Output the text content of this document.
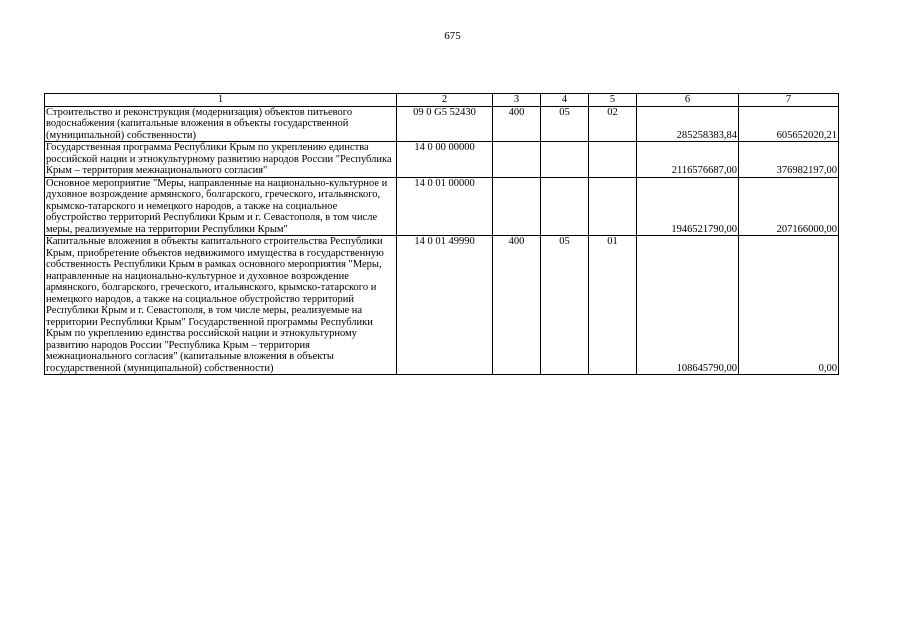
675
1	2	3	4	5	6	7
Строительство и реконструкция (модернизация) объектов питьевого водоснабжения (капитальные вложения в объекты государственной (муниципальной) собственности)	09 0 G5 52430	400	05	02	285258383,84	605652020,21
Государственная программа Республики Крым по укреплению единства российской нации и этнокультурному развитию народов России "Республика Крым – территория межнационального согласия"	14 0 00 00000				2116576687,00	376982197,00
Основное мероприятие "Меры, направленные на национально-культурное и духовное возрождение армянского, болгарского, греческого, итальянского, крымско-татарского и немецкого народов, а также на социальное обустройство территорий Республики Крым и г. Севастополя, в том числе меры, реализуемые на территории Республики Крым"	14 0 01 00000				1946521790,00	207166000,00
Капитальные вложения в объекты капитального строительства Республики Крым, приобретение объектов недвижимого имущества в государственную собственность Республики Крым в рамках основного мероприятия "Меры, направленные на национально-культурное и духовное возрождение армянского, болгарского, греческого, итальянского, крымско-татарского и немецкого народов, а также на социальное обустройство территорий Республики Крым и г. Севастополя, в том числе меры, реализуемые на территории Республики Крым" Государственной программы Республики Крым по укреплению единства российской нации и этнокультурному развитию народов России "Республика Крым – территория межнационального согласия" (капитальные вложения в объекты государственной (муниципальной) собственности)	14 0 01 49990	400	05	01	108645790,00	0,00
